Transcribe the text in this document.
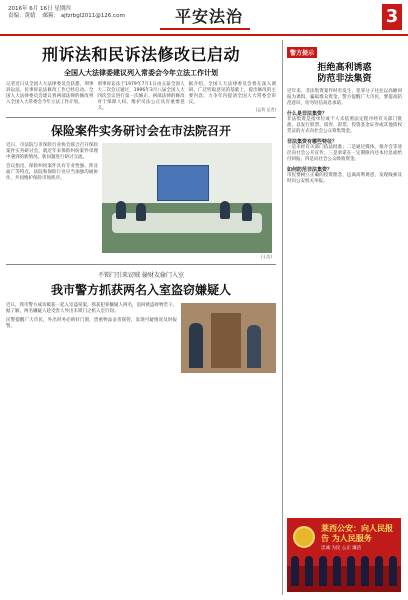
2016年 6月 16日 星期四
责编：黄婧 ㅤ邮箱： ajfzrbgl2011@126.com	平安法治	3
刑诉法和民诉法修改已启动
全国人大法律委建议列入常委会今年立法工作计划
记者近日从全国人大法律委员会获悉，刑事诉讼法、民事诉讼法修改工作已经启动。全国人大法律委员会建议将两部法律的修改列入全国人大常委会今年立法工作计划。
刑事诉讼法于1979年7月1日由五届全国人大二次会议通过，1996年3月八届全国人大四次会议进行第一次修正。两部法律的修改对于保障人权、维护司法公正具有重要意义。
据介绍，全国人大法律委员会将在深入调研、广泛听取意见的基础上，提出修改的主要内容，力争年内提请全国人大常委会审议。
(孟利 记者)
保险案件实务研讨会在市法院召开
近日，市法院与市保险行业协会联合召开保险案件实务研讨会，就近年来保险纠纷案件审理中遇到的新情况、新问题进行研讨交流。
会议指出，保险纠纷案件具有专业性强、涉及面广等特点，法院和保险行业应当加强沟通协作，共同维护保险市场秩序。
(王浩)
不锁门引来窃贼 偷财友偷门入室
我市警方抓获两名入室盗窃嫌疑人
近日，我市警方成功破获一起入室盗窃案，抓获犯罪嫌疑人两名，追回被盗财物若干。据了解，两名嫌疑人趁受害人外出未锁门之机入室行窃。
民警提醒广大市民，外出时务必锁好门窗，贵重物品妥善保管，发现可疑情况及时报警。
警方提示
拒绝高利诱惑
防范非法集资
近年来，非法集资案件时有发生，犯罪分子往往以高额回报为诱饵，骗取群众资金。警方提醒广大市民，要提高防范意识，切勿轻信高息承诺。
什么是非法集资？
非法集资是指单位或个人未依照法定程序经有关部门批准，以发行股票、债券、彩票、投资基金证券或其他债权凭证的方式向社会公众筹集资金。
非法集资有哪些特征？
一是未经有关部门依法批准；二是通过媒体、推介会等途径向社会公开宣传；三是承诺在一定期限内还本付息或给付回报；四是向社会公众吸收资金。
如何防范非法集资？
市民要树立正确的投资理念，远离高利诱惑，发现线索及时向公安机关举报。
莱西公安：向人民报告 为人民服务
忠诚 为民 公正 廉洁
